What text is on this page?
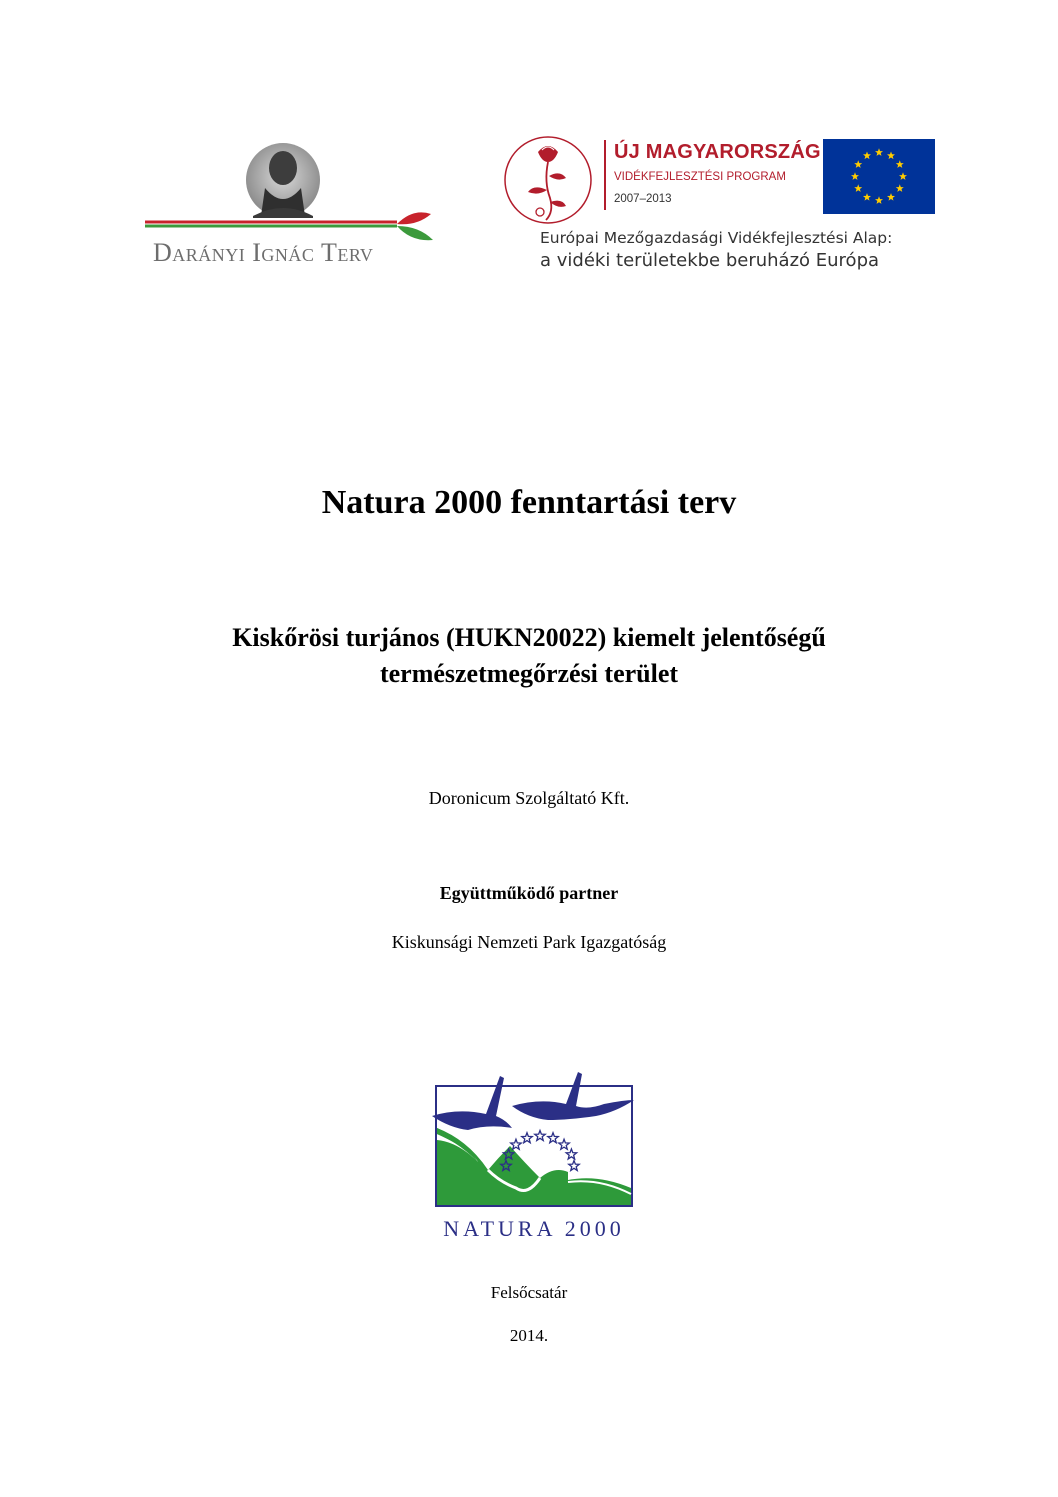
Darányi Ignác Terv
ÚJ MAGYARORSZÁG
VIDÉKFEJLESZTÉSI PROGRAM
2007–2013
Európai Mezőgazdasági Vidékfejlesztési Alap:
a vidéki területekbe beruházó Európa
Natura 2000 fenntartási terv
Kiskőrösi turjános (HUKN20022) kiemelt jelentőségű
természetmegőrzési terület
Doronicum Szolgáltató Kft.
Együttműködő partner
Kiskunsági Nemzeti Park Igazgatóság
NATURA 2000
Felsőcsatár
2014.
